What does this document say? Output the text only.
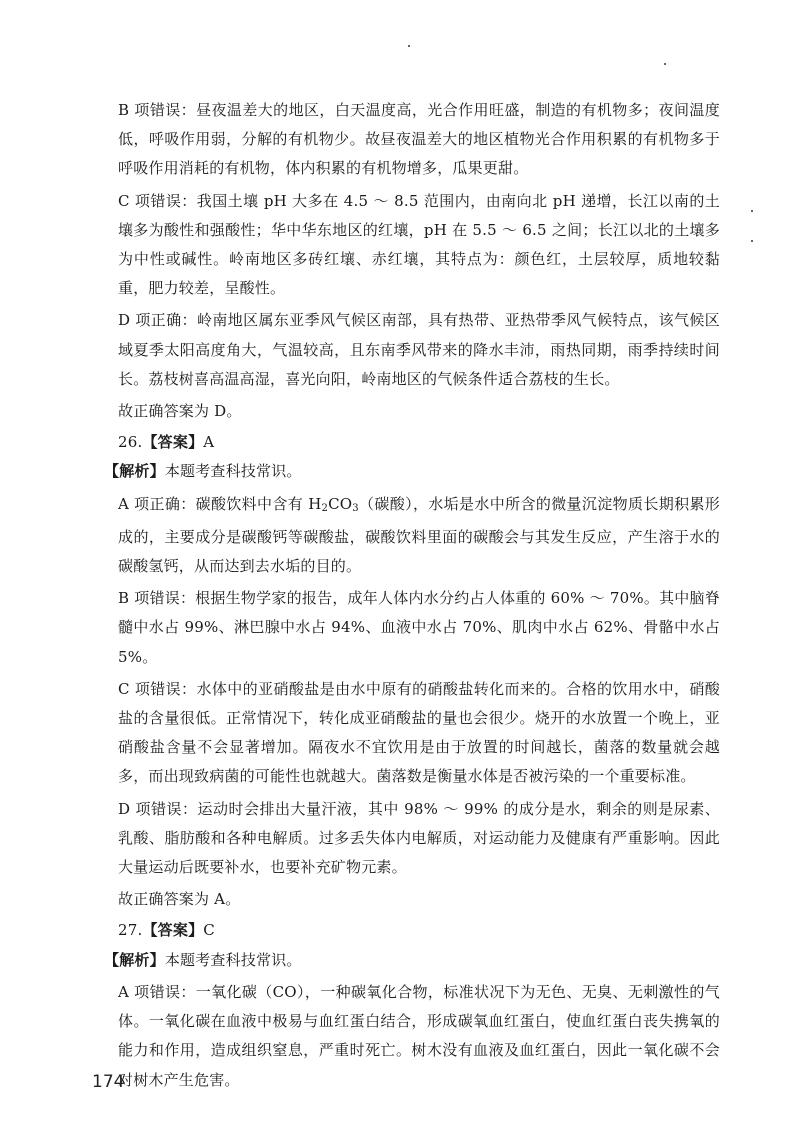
B 项错误：昼夜温差大的地区，白天温度高，光合作用旺盛，制造的有机物多；夜间温度低，呼吸作用弱，分解的有机物少。故昼夜温差大的地区植物光合作用积累的有机物多于呼吸作用消耗的有机物，体内积累的有机物增多，瓜果更甜。

C 项错误：我国土壤 pH 大多在 4.5 ～ 8.5 范围内，由南向北 pH 递增，长江以南的土壤多为酸性和强酸性；华中华东地区的红壤，pH 在 5.5 ～ 6.5 之间；长江以北的土壤多为中性或碱性。岭南地区多砖红壤、赤红壤，其特点为：颜色红，土层较厚，质地较黏重，肥力较差，呈酸性。

D 项正确：岭南地区属东亚季风气候区南部，具有热带、亚热带季风气候特点，该气候区域夏季太阳高度角大，气温较高，且东南季风带来的降水丰沛，雨热同期，雨季持续时间长。荔枝树喜高温高湿，喜光向阳，岭南地区的气候条件适合荔枝的生长。

故正确答案为 D。

26.【答案】A

【解析】本题考查科技常识。

A 项正确：碳酸饮料中含有 $H_2CO_3$（碳酸），水垢是水中所含的微量沉淀物质长期积累形成的，主要成分是碳酸钙等碳酸盐，碳酸饮料里面的碳酸会与其发生反应，产生溶于水的碳酸氢钙，从而达到去水垢的目的。

B 项错误：根据生物学家的报告，成年人体内水分约占人体重的 60% ～ 70%。其中脑脊髓中水占 99%、淋巴腺中水占 94%、血液中水占 70%、肌肉中水占 62%、骨骼中水占 5%。

C 项错误：水体中的亚硝酸盐是由水中原有的硝酸盐转化而来的。合格的饮用水中，硝酸盐的含量很低。正常情况下，转化成亚硝酸盐的量也会很少。烧开的水放置一个晚上，亚硝酸盐含量不会显著增加。隔夜水不宜饮用是由于放置的时间越长，菌落的数量就会越多，而出现致病菌的可能性也就越大。菌落数是衡量水体是否被污染的一个重要标准。

D 项错误：运动时会排出大量汗液，其中 98% ～ 99% 的成分是水，剩余的则是尿素、乳酸、脂肪酸和各种电解质。过多丢失体内电解质，对运动能力及健康有严重影响。因此大量运动后既要补水，也要补充矿物元素。

故正确答案为 A。

27.【答案】C

【解析】本题考查科技常识。

A 项错误：一氧化碳（CO），一种碳氧化合物，标准状况下为无色、无臭、无刺激性的气体。一氧化碳在血液中极易与血红蛋白结合，形成碳氧血红蛋白，使血红蛋白丧失携氧的能力和作用，造成组织窒息，严重时死亡。树木没有血液及血红蛋白，因此一氧化碳不会对树木产生危害。

174
